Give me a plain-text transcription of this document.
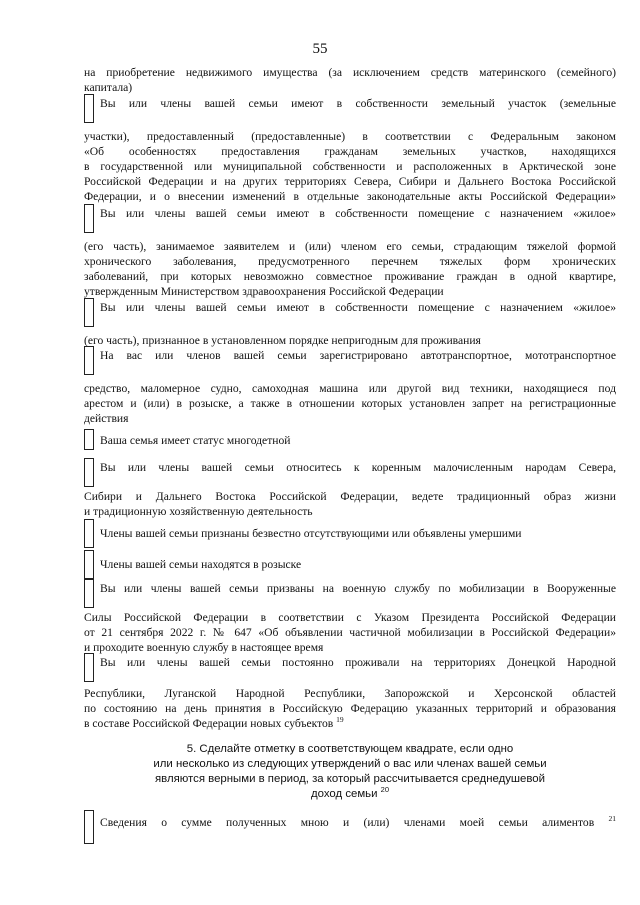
55
на приобретение недвижимого имущества (за исключением средств материнского (семейного)
капитала)
Вы или члены вашей семьи имеют в собственности земельный участок (земельные
участки), предоставленный (предоставленные) в соответствии с Федеральным законом
«Об особенностях предоставления гражданам земельных участков, находящихся
в государственной или муниципальной собственности и расположенных в Арктической зоне
Российской Федерации и на других территориях Севера, Сибири и Дальнего Востока Российской
Федерации, и о внесении изменений в отдельные законодательные акты Российской Федерации»
Вы или члены вашей семьи имеют в собственности помещение с назначением «жилое»
(его часть), занимаемое заявителем и (или) членом его семьи, страдающим тяжелой формой
хронического заболевания, предусмотренного перечнем тяжелых форм хронических
заболеваний, при которых невозможно совместное проживание граждан в одной квартире,
утвержденным Министерством здравоохранения Российской Федерации
Вы или члены вашей семьи имеют в собственности помещение с назначением «жилое»
(его часть), признанное в установленном порядке непригодным для проживания
На вас или членов вашей семьи зарегистрировано автотранспортное, мототранспортное
средство, маломерное судно, самоходная машина или другой вид техники, находящиеся под
арестом и (или) в розыске, а также в отношении которых установлен запрет на регистрационные
действия
Ваша семья имеет статус многодетной
Вы или члены вашей семьи относитесь к коренным малочисленным народам Севера,
Сибири и Дальнего Востока Российской Федерации, ведете традиционный образ жизни
и традиционную хозяйственную деятельность
Члены вашей семьи признаны безвестно отсутствующими или объявлены умершими
Члены вашей семьи находятся в розыске
Вы или члены вашей семьи призваны на военную службу по мобилизации в Вооруженные
Силы Российской Федерации в соответствии с Указом Президента Российской Федерации
от 21 сентября 2022 г. № 647 «Об объявлении частичной мобилизации в Российской Федерации»
и проходите военную службу в настоящее время
Вы или члены вашей семьи постоянно проживали на территориях Донецкой Народной
Республики, Луганской Народной Республики, Запорожской и Херсонской областей
по состоянию на день принятия в Российскую Федерацию указанных территорий и образования
в составе Российской Федерации новых субъектов $^{19}$
5. Сделайте отметку в соответствующем квадрате, если одно
или несколько из следующих утверждений о вас или членах вашей семьи
являются верными в период, за который рассчитывается среднедушевой
доход семьи $^{20}$
Сведения о сумме полученных мною и (или) членами моей семьи алиментов $^{21}$
